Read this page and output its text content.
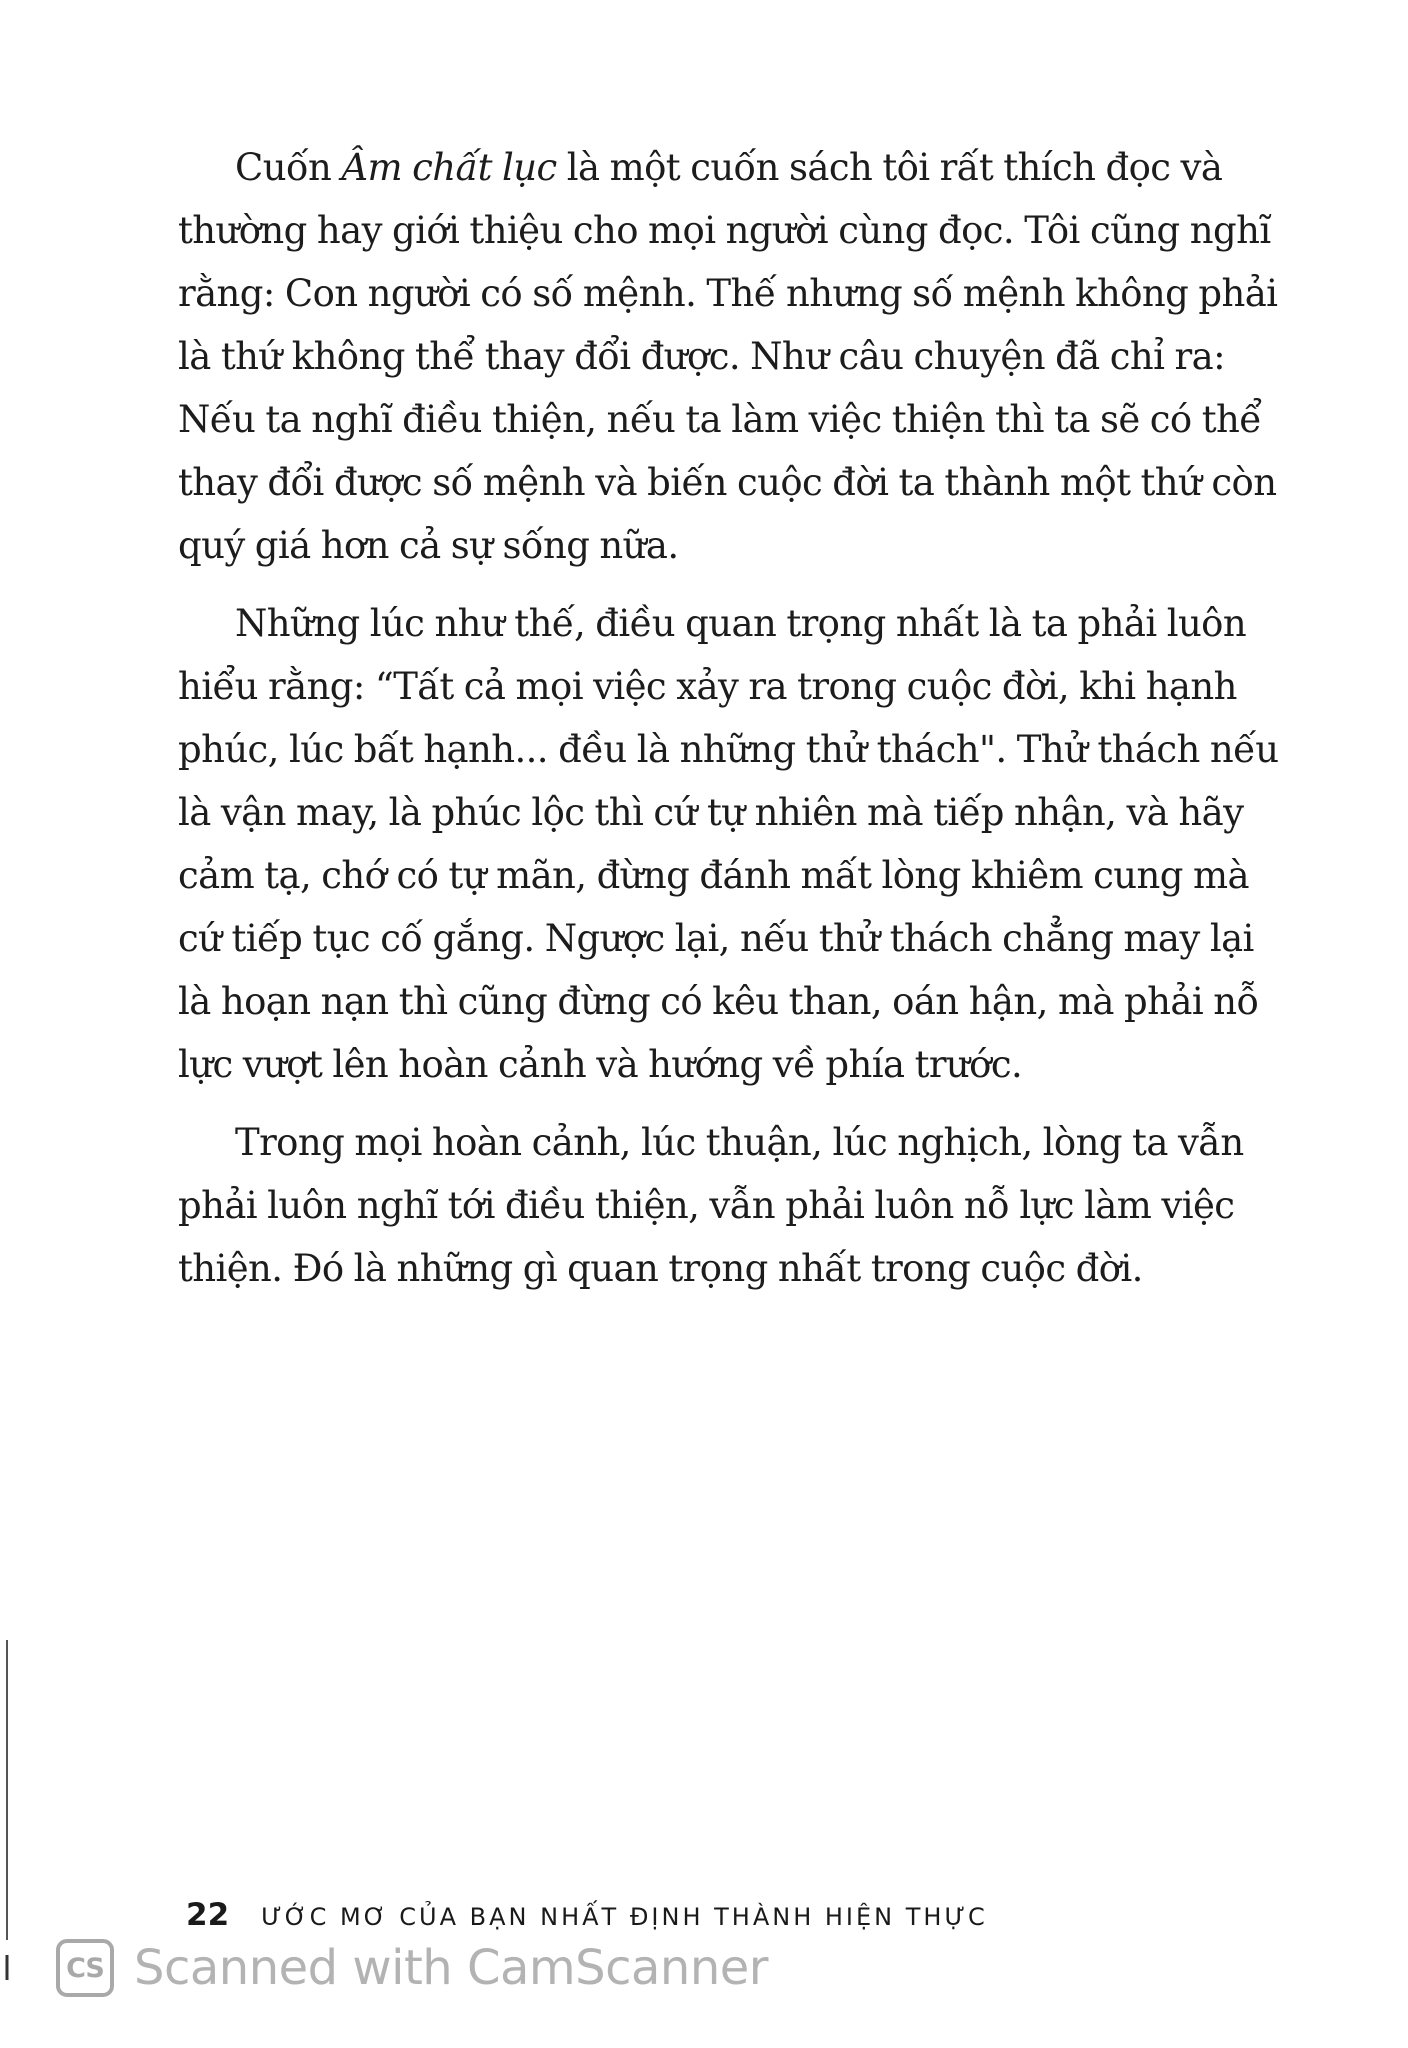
Cuốn Âm chất lục là một cuốn sách tôi rất thích đọc và thường hay giới thiệu cho mọi người cùng đọc. Tôi cũng nghĩ rằng: Con người có số mệnh. Thế nhưng số mệnh không phải là thứ không thể thay đổi được. Như câu chuyện đã chỉ ra: Nếu ta nghĩ điều thiện, nếu ta làm việc thiện thì ta sẽ có thể thay đổi được số mệnh và biến cuộc đời ta thành một thứ còn quý giá hơn cả sự sống nữa.

Những lúc như thế, điều quan trọng nhất là ta phải luôn hiểu rằng: “Tất cả mọi việc xảy ra trong cuộc đời, khi hạnh phúc, lúc bất hạnh... đều là những thử thách". Thử thách nếu là vận may, là phúc lộc thì cứ tự nhiên mà tiếp nhận, và hãy cảm tạ, chớ có tự mãn, đừng đánh mất lòng khiêm cung mà cứ tiếp tục cố gắng. Ngược lại, nếu thử thách chẳng may lại là hoạn nạn thì cũng đừng có kêu than, oán hận, mà phải nỗ lực vượt lên hoàn cảnh và hướng về phía trước.

Trong mọi hoàn cảnh, lúc thuận, lúc nghịch, lòng ta vẫn phải luôn nghĩ tới điều thiện, vẫn phải luôn nỗ lực làm việc thiện. Đó là những gì quan trọng nhất trong cuộc đời.

22 ƯỚC MƠ CỦA BẠN NHẤT ĐỊNH THÀNH HIỆN THỰC
CS Scanned with CamScanner
